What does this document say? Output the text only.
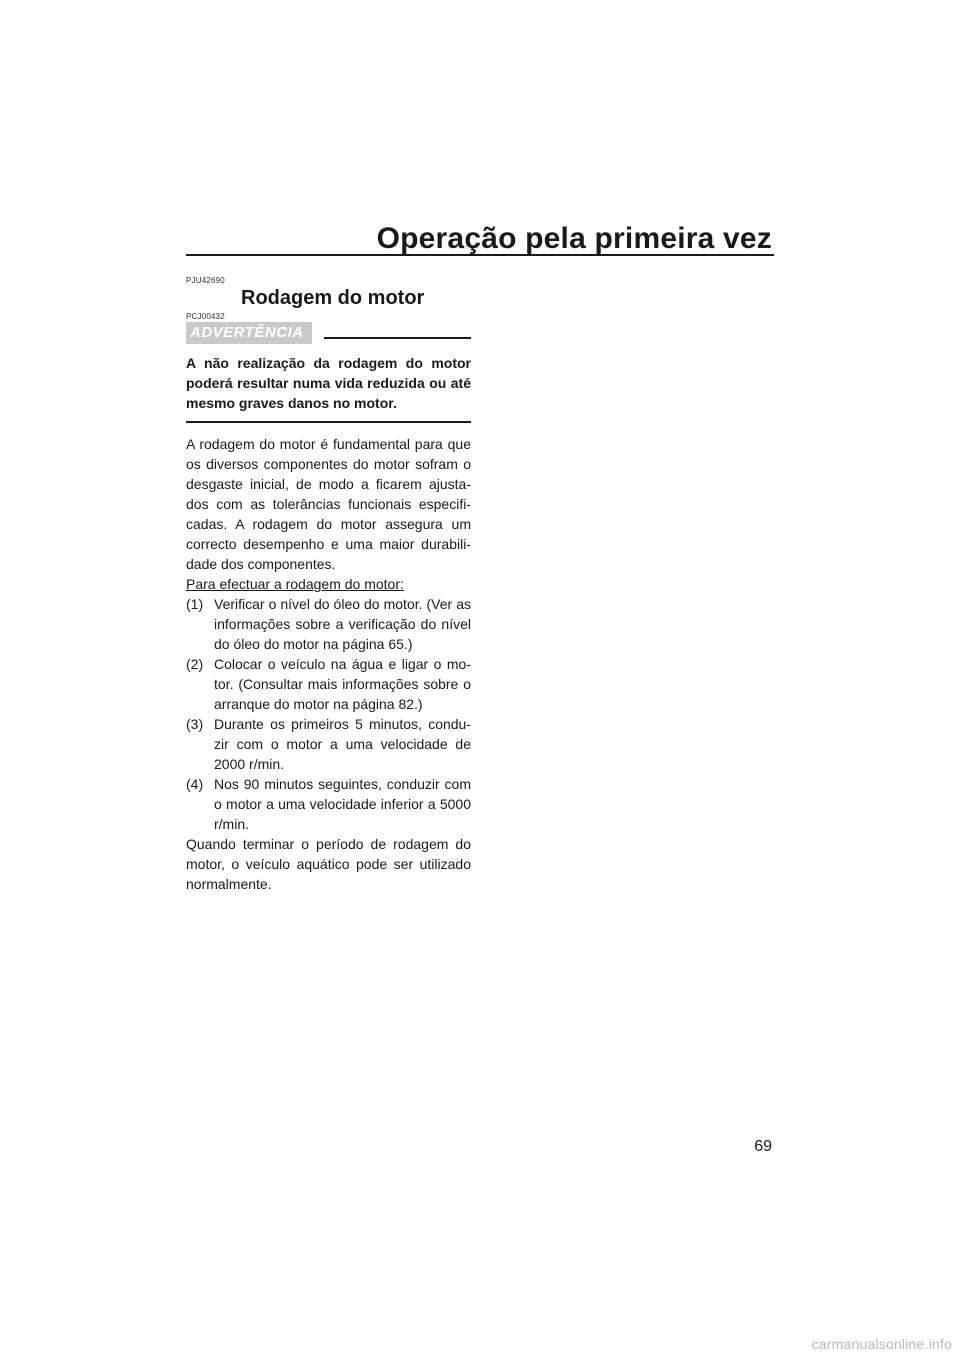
Operação pela primeira vez
PJU42690
Rodagem do motor
PCJ00432
ADVERTÊNCIA
A não realização da rodagem do motor poderá resultar numa vida reduzida ou até mesmo graves danos no motor.
A rodagem do motor é fundamental para que os diversos componentes do motor sofram o desgaste inicial, de modo a ficarem ajusta-dos com as tolerâncias funcionais especifi-cadas. A rodagem do motor assegura um correcto desempenho e uma maior durabili-dade dos componentes.
Para efectuar a rodagem do motor:
(1) Verificar o nível do óleo do motor. (Ver as informações sobre a verificação do nível do óleo do motor na página 65.)
(2) Colocar o veículo na água e ligar o mo-tor. (Consultar mais informações sobre o arranque do motor na página 82.)
(3) Durante os primeiros 5 minutos, condu-zir com o motor a uma velocidade de 2000 r/min.
(4) Nos 90 minutos seguintes, conduzir com o motor a uma velocidade inferior a 5000 r/min.
Quando terminar o período de rodagem do motor, o veículo aquático pode ser utilizado normalmente.
69
carmanualsonline.info
